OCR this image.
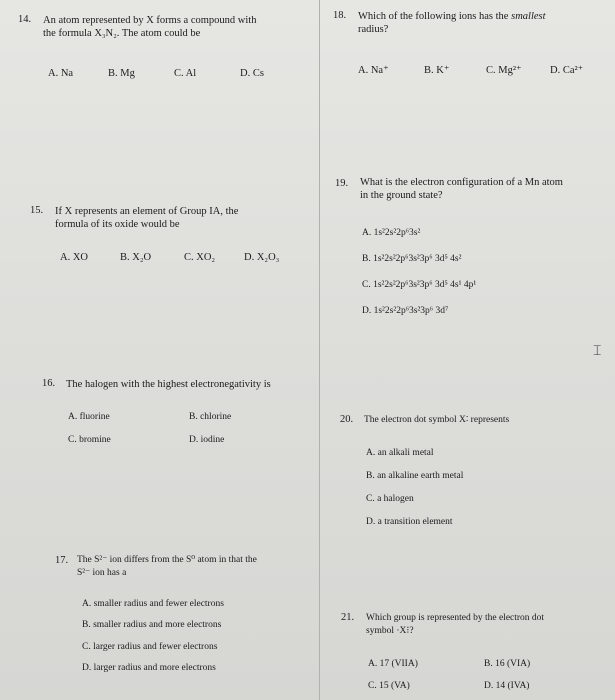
14. An atom represented by X forms a compound with
the formula X₃N₂. The atom could be
A. Na	B. Mg	C. Al	D. Cs
15. If X represents an element of Group IA, the
formula of its oxide would be
A. XO	B. X₂O	C. XO₂	D. X₂O₃
16. The halogen with the highest electronegativity is
A. fluorine	B. chlorine
C. bromine	D. iodine
17. The S²⁻ ion differs from the S⁰ atom in that the
S²⁻ ion has a
A. smaller radius and fewer electrons
B. smaller radius and more electrons
C. larger radius and fewer electrons
D. larger radius and more electrons
18. Which of the following ions has the smallest
radius?
A. Na⁺	B. K⁺	C. Mg²⁺	D. Ca²⁺
19. What is the electron configuration of a Mn atom
in the ground state?
A. 1s²2s²2p⁶3s²
B. 1s²2s²2p⁶3s²3p⁶ 3d⁵ 4s²
C. 1s²2s²2p⁶3s²3p⁶ 3d⁵ 4s¹ 4p¹
D. 1s²2s²2p⁶3s²3p⁶ 3d⁷
20. The electron dot symbol X∶ represents
A. an alkali metal
B. an alkaline earth metal
C. a halogen
D. a transition element
21. Which group is represented by the electron dot
symbol ·X⁝?
A. 17 (VIIA)	B. 16 (VIA)
C. 15 (VA)	D. 14 (IVA)
⌶
